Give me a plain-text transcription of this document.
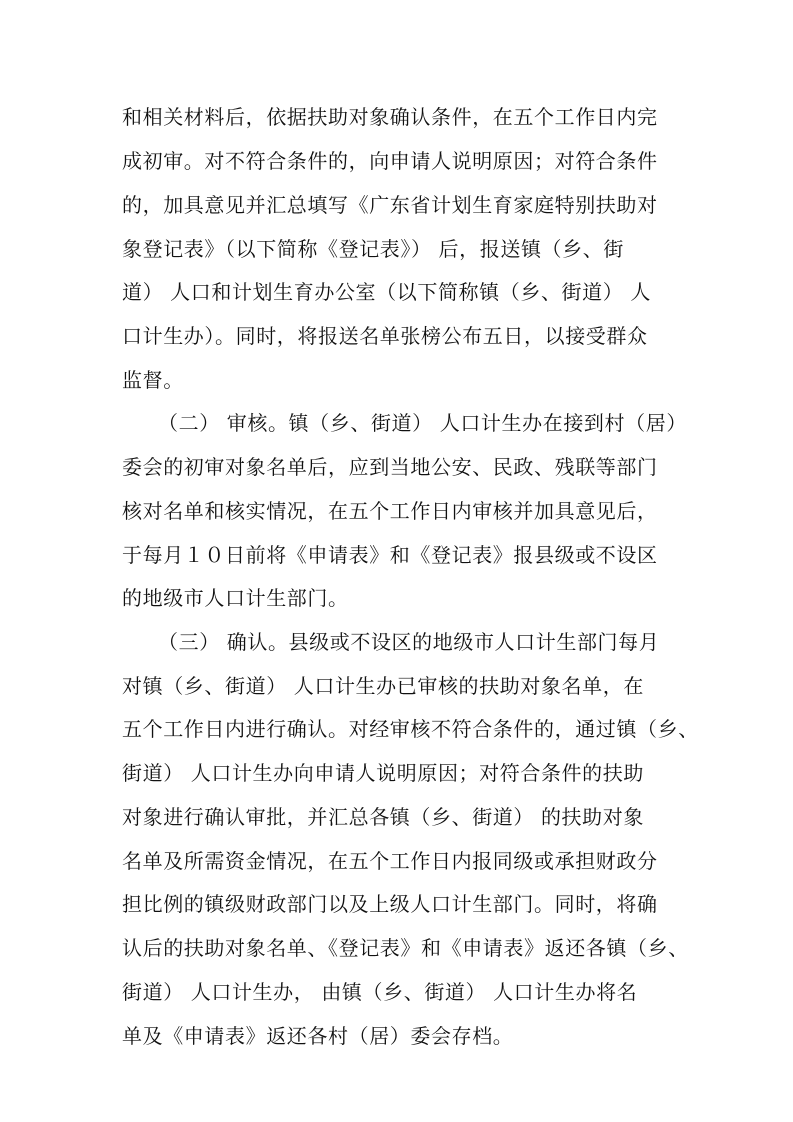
和相关材料后，依据扶助对象确认条件，在五个工作日内完
成初审。对不符合条件的，向申请人说明原因；对符合条件
的，加具意见并汇总填写《广东省计划生育家庭特别扶助对
象登记表》（以下简称《登记表》） 后，报送镇（乡、街
道） 人口和计划生育办公室（以下简称镇（乡、街道） 人
口计生办）。同时，将报送名单张榜公布五日，以接受群众
监督。
（二） 审核。镇（乡、街道） 人口计生办在接到村（居）
委会的初审对象名单后，应到当地公安、民政、残联等部门
核对名单和核实情况，在五个工作日内审核并加具意见后，
于每月１０日前将《申请表》和《登记表》报县级或不设区
的地级市人口计生部门。
（三） 确认。县级或不设区的地级市人口计生部门每月
对镇（乡、街道） 人口计生办已审核的扶助对象名单，在
五个工作日内进行确认。对经审核不符合条件的，通过镇（乡、
街道） 人口计生办向申请人说明原因；对符合条件的扶助
对象进行确认审批，并汇总各镇（乡、街道） 的扶助对象
名单及所需资金情况，在五个工作日内报同级或承担财政分
担比例的镇级财政部门以及上级人口计生部门。同时，将确
认后的扶助对象名单、《登记表》和《申请表》返还各镇（乡、
街道） 人口计生办， 由镇（乡、街道） 人口计生办将名
单及《申请表》返还各村（居）委会存档。
